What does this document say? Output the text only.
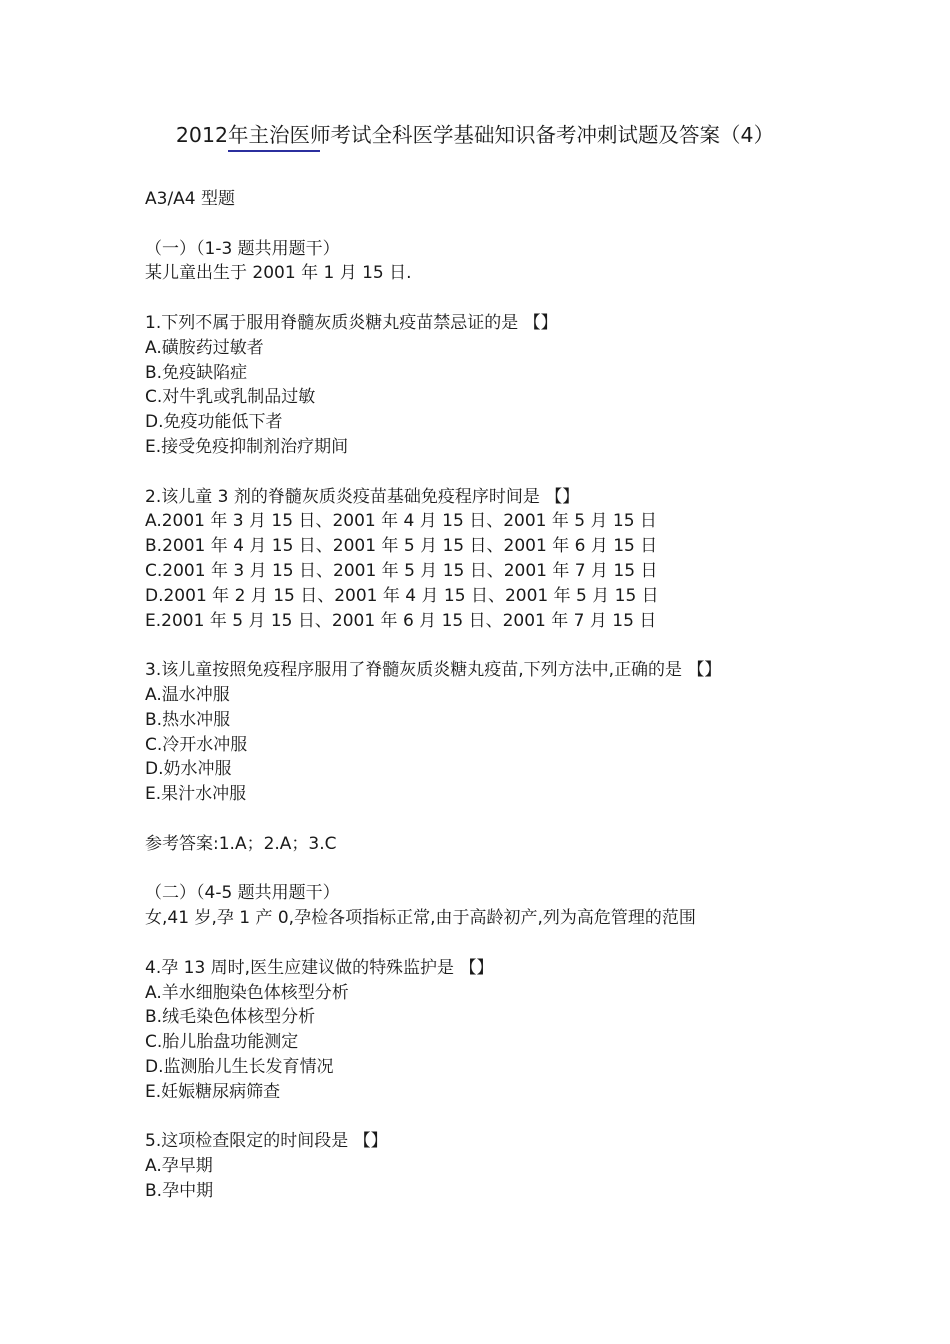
2012年主治医师考试全科医学基础知识备考冲刺试题及答案（4）
A3/A4 型题
（一）（1-3 题共用题干）
某儿童出生于 2001 年 1 月 15 日.
1.下列不属于服用脊髓灰质炎糖丸疫苗禁忌证的是 【】
A.磺胺药过敏者
B.免疫缺陷症
C.对牛乳或乳制品过敏
D.免疫功能低下者
E.接受免疫抑制剂治疗期间
2.该儿童 3 剂的脊髓灰质炎疫苗基础免疫程序时间是 【】
A.2001 年 3 月 15 日、2001 年 4 月 15 日、2001 年 5 月 15 日
B.2001 年 4 月 15 日、2001 年 5 月 15 日、2001 年 6 月 15 日
C.2001 年 3 月 15 日、2001 年 5 月 15 日、2001 年 7 月 15 日
D.2001 年 2 月 15 日、2001 年 4 月 15 日、2001 年 5 月 15 日
E.2001 年 5 月 15 日、2001 年 6 月 15 日、2001 年 7 月 15 日
3.该儿童按照免疫程序服用了脊髓灰质炎糖丸疫苗,下列方法中,正确的是 【】
A.温水冲服
B.热水冲服
C.冷开水冲服
D.奶水冲服
E.果汁水冲服
参考答案:1.A；2.A；3.C
（二）（4-5 题共用题干）
女,41 岁,孕 1 产 0,孕检各项指标正常,由于高龄初产,列为高危管理的范围
4.孕 13 周时,医生应建议做的特殊监护是 【】
A.羊水细胞染色体核型分析
B.绒毛染色体核型分析
C.胎儿胎盘功能测定
D.监测胎儿生长发育情况
E.妊娠糖尿病筛查
5.这项检查限定的时间段是 【】
A.孕早期
B.孕中期
